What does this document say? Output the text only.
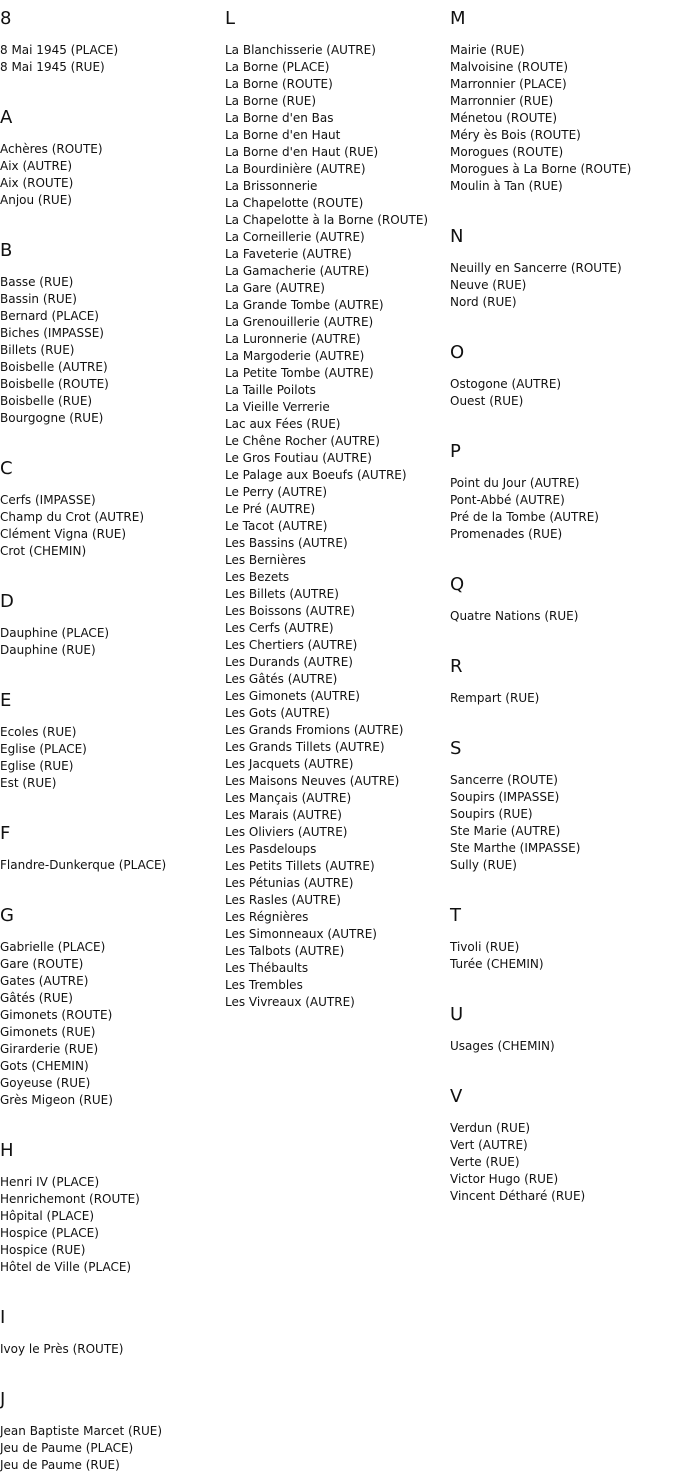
8
8 Mai 1945 (PLACE)
8 Mai 1945 (RUE)
A
Achères (ROUTE)
Aix (AUTRE)
Aix (ROUTE)
Anjou (RUE)
B
Basse (RUE)
Bassin (RUE)
Bernard (PLACE)
Biches (IMPASSE)
Billets (RUE)
Boisbelle (AUTRE)
Boisbelle (ROUTE)
Boisbelle (RUE)
Bourgogne (RUE)
C
Cerfs (IMPASSE)
Champ du Crot (AUTRE)
Clément Vigna (RUE)
Crot (CHEMIN)
D
Dauphine (PLACE)
Dauphine (RUE)
E
Ecoles (RUE)
Eglise (PLACE)
Eglise (RUE)
Est (RUE)
F
Flandre-Dunkerque (PLACE)
G
Gabrielle (PLACE)
Gare (ROUTE)
Gates (AUTRE)
Gâtés (RUE)
Gimonets (ROUTE)
Gimonets (RUE)
Girarderie (RUE)
Gots (CHEMIN)
Goyeuse (RUE)
Grès Migeon (RUE)
H
Henri IV (PLACE)
Henrichemont (ROUTE)
Hôpital (PLACE)
Hospice (PLACE)
Hospice (RUE)
Hôtel de Ville (PLACE)
I
Ivoy le Près (ROUTE)
J
Jean Baptiste Marcet (RUE)
Jeu de Paume (PLACE)
Jeu de Paume (RUE)
L
La Blanchisserie (AUTRE)
La Borne (PLACE)
La Borne (ROUTE)
La Borne (RUE)
La Borne d'en Bas
La Borne d'en Haut
La Borne d'en Haut (RUE)
La Bourdinière (AUTRE)
La Brissonnerie
La Chapelotte (ROUTE)
La Chapelotte à la Borne (ROUTE)
La Corneillerie (AUTRE)
La Faveterie (AUTRE)
La Gamacherie (AUTRE)
La Gare (AUTRE)
La Grande Tombe (AUTRE)
La Grenouillerie (AUTRE)
La Luronnerie (AUTRE)
La Margoderie (AUTRE)
La Petite Tombe (AUTRE)
La Taille Poilots
La Vieille Verrerie
Lac aux Fées (RUE)
Le Chêne Rocher (AUTRE)
Le Gros Foutiau (AUTRE)
Le Palage aux Boeufs (AUTRE)
Le Perry (AUTRE)
Le Pré (AUTRE)
Le Tacot (AUTRE)
Les Bassins (AUTRE)
Les Bernières
Les Bezets
Les Billets (AUTRE)
Les Boissons (AUTRE)
Les Cerfs (AUTRE)
Les Chertiers (AUTRE)
Les Durands (AUTRE)
Les Gâtés (AUTRE)
Les Gimonets (AUTRE)
Les Gots (AUTRE)
Les Grands Fromions (AUTRE)
Les Grands Tillets (AUTRE)
Les Jacquets (AUTRE)
Les Maisons Neuves (AUTRE)
Les Mançais (AUTRE)
Les Marais (AUTRE)
Les Oliviers (AUTRE)
Les Pasdeloups
Les Petits Tillets (AUTRE)
Les Pétunias (AUTRE)
Les Rasles (AUTRE)
Les Régnières
Les Simonneaux (AUTRE)
Les Talbots (AUTRE)
Les Thébaults
Les Trembles
Les Vivreaux (AUTRE)
M
Mairie (RUE)
Malvoisine (ROUTE)
Marronnier (PLACE)
Marronnier (RUE)
Ménetou (ROUTE)
Méry ès Bois (ROUTE)
Morogues (ROUTE)
Morogues à La Borne (ROUTE)
Moulin à Tan (RUE)
N
Neuilly en Sancerre (ROUTE)
Neuve (RUE)
Nord (RUE)
O
Ostogone (AUTRE)
Ouest (RUE)
P
Point du Jour (AUTRE)
Pont-Abbé (AUTRE)
Pré de la Tombe (AUTRE)
Promenades (RUE)
Q
Quatre Nations (RUE)
R
Rempart (RUE)
S
Sancerre (ROUTE)
Soupirs (IMPASSE)
Soupirs (RUE)
Ste Marie (AUTRE)
Ste Marthe (IMPASSE)
Sully (RUE)
T
Tivoli (RUE)
Turée (CHEMIN)
U
Usages (CHEMIN)
V
Verdun (RUE)
Vert (AUTRE)
Verte (RUE)
Victor Hugo (RUE)
Vincent Détharé (RUE)
